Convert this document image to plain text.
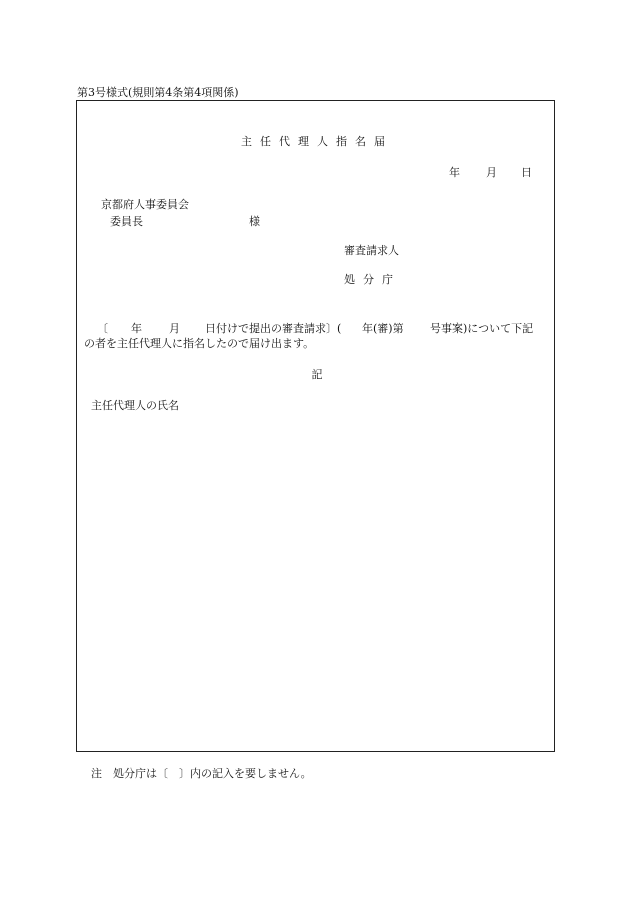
第3号様式(規則第4条第4項関係)
主任代理人指名届
年 月 日
京都府人事委員会
委員長	様
審査請求人
処分庁
〔 年 月 日付けで提出の審査請求〕( 年(審)第 号事案)について下記
の者を主任代理人に指名したので届け出ます。
記
主任代理人の氏名
注　処分庁は〔　〕内の記入を要しません。
